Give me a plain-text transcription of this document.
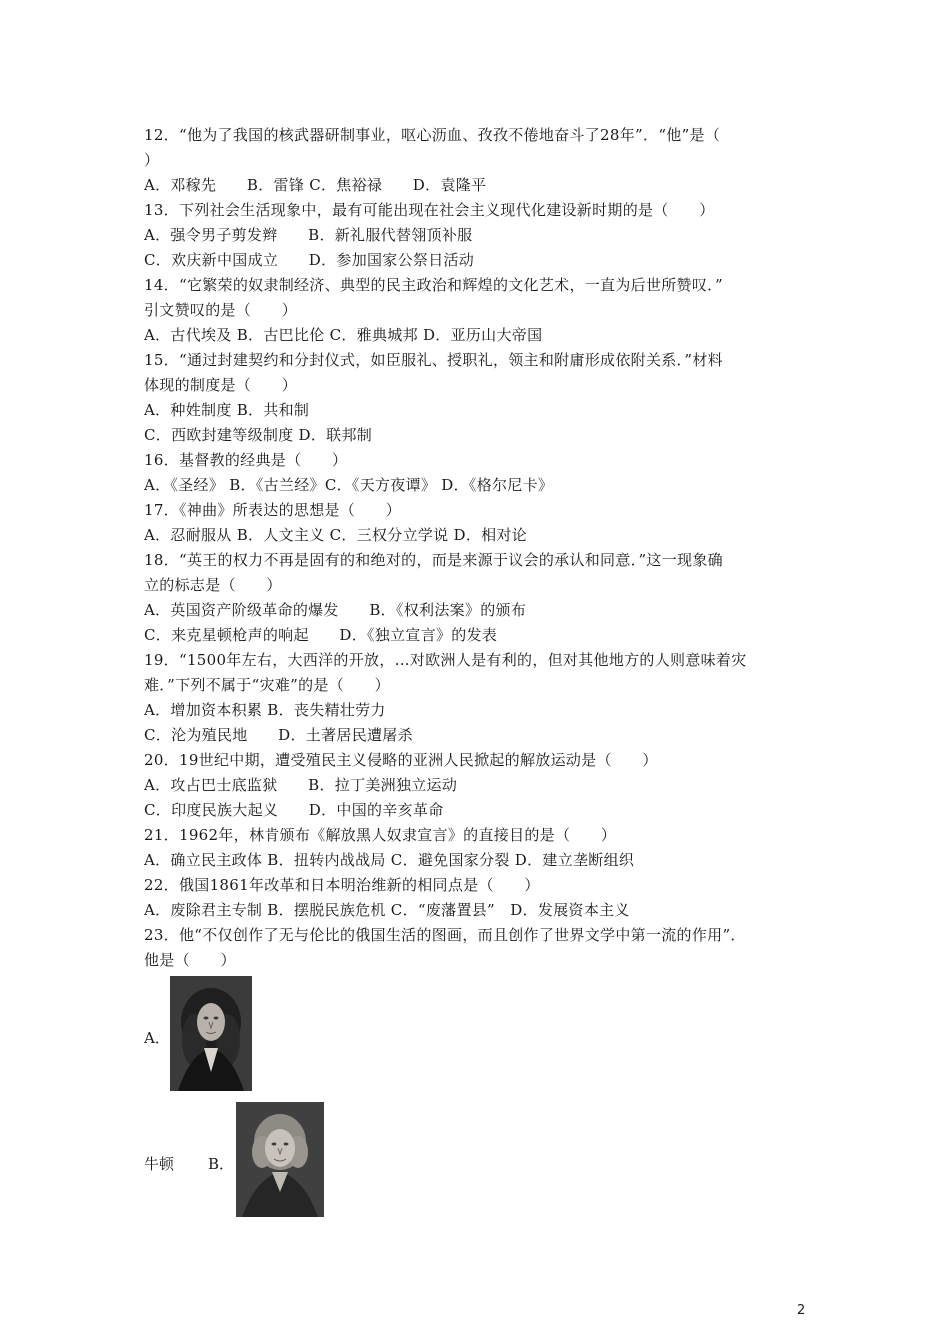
12．“他为了我国的核武器研制事业，呕心沥血、孜孜不倦地奋斗了28年”．“他”是（
）
A．邓稼先　　B．雷锋 C．焦裕禄　　D．袁隆平
13．下列社会生活现象中，最有可能出现在社会主义现代化建设新时期的是（　　）
A．强令男子剪发辫　　B．新礼服代替翎顶补服
C．欢庆新中国成立　　D．参加国家公祭日活动
14．“它繁荣的奴隶制经济、典型的民主政治和辉煌的文化艺术，一直为后世所赞叹．”
引文赞叹的是（　　）
A．古代埃及 B．古巴比伦 C．雅典城邦 D．亚历山大帝国
15．“通过封建契约和分封仪式，如臣服礼、授职礼，领主和附庸形成依附关系．”材料
体现的制度是（　　）
A．种姓制度 B．共和制
C．西欧封建等级制度 D．联邦制
16．基督教的经典是（　　）
A．《圣经》 B．《古兰经》C．《天方夜谭》 D．《格尔尼卡》
17．《神曲》所表达的思想是（　　）
A．忍耐服从 B．人文主义 C．三权分立学说 D．相对论
18．“英王的权力不再是固有的和绝对的，而是来源于议会的承认和同意．”这一现象确
立的标志是（　　）
A．英国资产阶级革命的爆发　　B．《权利法案》的颁布
C．来克星顿枪声的响起　　D．《独立宣言》的发表
19．“1500年左右，大西洋的开放，…对欧洲人是有利的，但对其他地方的人则意味着灾
难．”下列不属于“灾难”的是（　　）
A．增加资本积累 B．丧失精壮劳力
C．沦为殖民地　　D．土著居民遭屠杀
20．19世纪中期，遭受殖民主义侵略的亚洲人民掀起的解放运动是（　　）
A．攻占巴士底监狱　　B．拉丁美洲独立运动
C．印度民族大起义　　D．中国的辛亥革命
21．1962年，林肯颁布《解放黑人奴隶宣言》的直接目的是（　　）
A．确立民主政体 B．扭转内战战局 C．避免国家分裂 D．建立垄断组织
22．俄国1861年改革和日本明治维新的相同点是（　　）
A．废除君主专制 B．摆脱民族危机 C．“废藩置县”　D．发展资本主义
23．他“不仅创作了无与伦比的俄国生活的图画，而且创作了世界文学中第一流的作用”．
他是（　　）
A．
牛顿 B．
2
